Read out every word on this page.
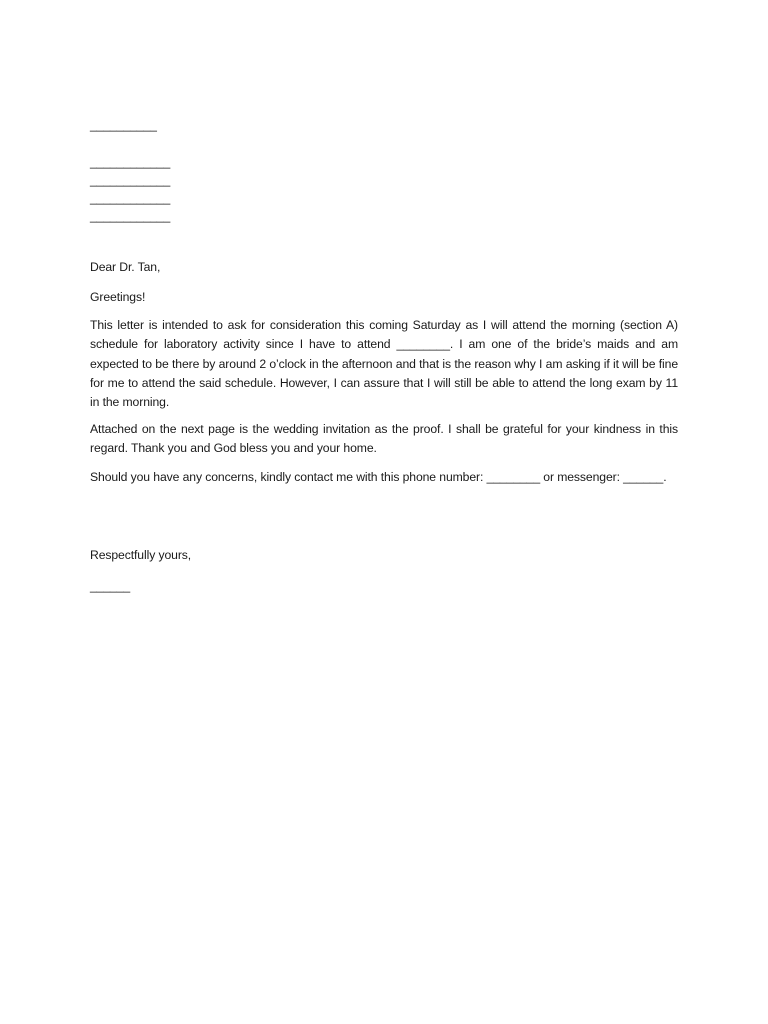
__________
____________
____________
____________
____________
Dear Dr. Tan,
Greetings!

This letter is intended to ask for consideration this coming Saturday as I will attend the morning (section A) schedule for laboratory activity since I have to attend ________. I am one of the bride’s maids and am expected to be there by around 2 o’clock in the afternoon and that is the reason why I am asking if it will be fine for me to attend the said schedule. However, I can assure that I will still be able to attend the long exam by 11 in the morning.

Attached on the next page is the wedding invitation as the proof. I shall be grateful for your kindness in this regard. Thank you and God bless you and your home.

Should you have any concerns, kindly contact me with this phone number: ________ or messenger: ______.

Respectfully yours,
______
